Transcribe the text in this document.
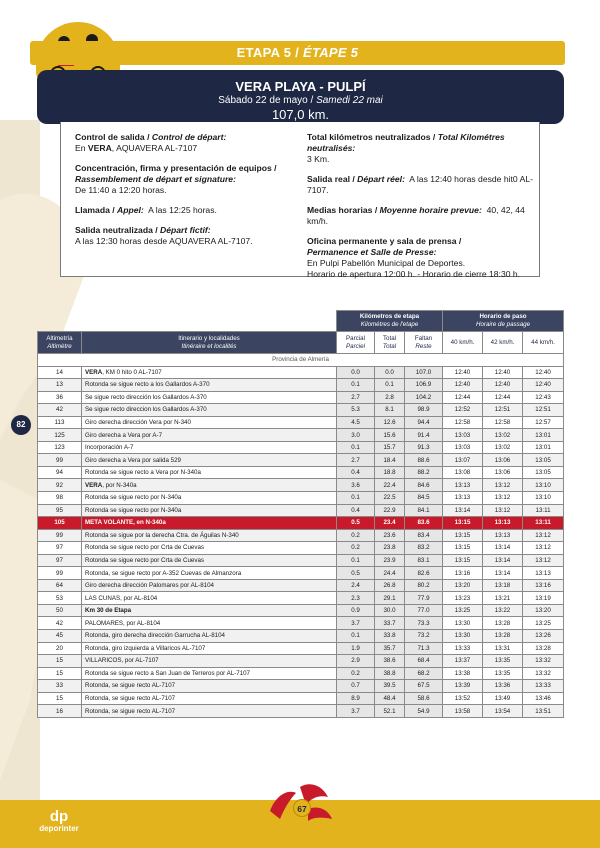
ETAPA 5 / ÉTAPE 5
VERA PLAYA - PULPÍ
Sábado 22 de mayo / Samedi 22 mai
107,0 km.
Control de salida / Control de départ:
En VERA, AQUAVERA AL-7107
Concentración, firma y presentación de equipos /
Rassemblement de départ et signature:
De 11:40 a 12:20 horas.
Llamada / Appel: A las 12:25 horas.
Salida neutralizada / Départ fictif:
A las 12:30 horas desde AQUAVERA AL-7107.
Total kilómetros neutralizados / Total Kilométres neutralisés:
3 Km.
Salida real / Départ réel: A las 12:40 horas desde hit0 AL-7107.
Medias horarias / Moyenne horaire prevue: 40, 42, 44 km/h.
Oficina permanente y sala de prensa /
Permanence et Salle de Presse:
En Pulpi Pabellón Municipal de Deportes.
Horario de apertura 12:00 h. - Horario de cierre 18:30 h.
82
		Kilómetros de etapa
Kilométres de l'etape			Horario de paso
Horaire de passage		
Altimetría
Altimètre	Itinerario y localidades
Itinéraire et localités	Parcial
Parciel	Total
Total	Faltan
Reste	40 km/h.	42 km/h.	44 km/h.
Provincia de Almería							
14	VERA, KM 0 hito 0 AL-7107	0.0	0.0	107.0	12:40	12:40	12:40
13	Rotonda se sigue recto a los Gallardos A-370	0.1	0.1	106.9	12:40	12:40	12:40
36	Se sigue recto dirección los Gallardos A-370	2.7	2.8	104.2	12:44	12:44	12:43
42	Se sigue recto direccion los Gallardos A-370	5.3	8.1	98.9	12:52	12:51	12:51
113	Giro derecha dirección Vera por N-340	4.5	12.6	94.4	12:58	12:58	12:57
125	Giro derecha a Vera por A-7	3.0	15.6	91.4	13:03	13:02	13:01
123	Incorporación A-7	0.1	15.7	91.3	13:03	13:02	13:01
99	Giro derecha a Vera por salida 529	2.7	18.4	88.6	13:07	13:06	13:05
94	Rotonda se sigue recto a Vera por N-340a	0.4	18.8	88.2	13:08	13:06	13:05
92	VERA, por N-340a	3.6	22.4	84.6	13:13	13:12	13:10
98	Rotonda se sigue recto por N-340a	0.1	22.5	84.5	13:13	13:12	13:10
95	Rotonda se sigue recto por N-340a	0.4	22.9	84.1	13:14	13:12	13:11
105	META VOLANTE, en N-340a	0.5	23.4	83.6	13:15	13:13	13:11
99	Rotonda se sigue por la derecha Ctra. de Águilas N-340	0.2	23.6	83.4	13:15	13:13	13:12
97	Rotonda se sigue recto por Crta de Cuevas	0.2	23.8	83.2	13:15	13:14	13:12
97	Rotonda se sigue recto por Crta de Cuevas	0.1	23.9	83.1	13:15	13:14	13:12
99	Rotonda, se sigue recto por A-352 Cuevas de Almanzora	0.5	24.4	82.6	13:16	13:14	13:13
64	Giro derecha dirección Palomares por AL-8104	2.4	26.8	80.2	13:20	13:18	13:16
53	LAS CUNAS, por AL-8104	2.3	29.1	77.9	13:23	13:21	13:19
50	Km 30 de Etapa	0.9	30.0	77.0	13:25	13:22	13:20
42	PALOMARES, por AL-8104	3.7	33.7	73.3	13:30	13:28	13:25
45	Rotonda, giro derecha dirección Garrucha AL-8104	0.1	33.8	73.2	13:30	13:28	13:26
20	Rotonda, giro izquierda a Villaricos AL-7107	1.9	35.7	71.3	13:33	13:31	13:28
15	VILLARICOS, por AL-7107	2.9	38.6	68.4	13:37	13:35	13:32
15	Rotonda se sigue recto a San Juan de Terreros por AL-7107	0.2	38.8	68.2	13:38	13:35	13:32
33	Rotonda, se sigue recto AL-7107	0.7	39.5	67.5	13:39	13:36	13:33
15	Rotonda, se sigue recto AL-7107	8.9	48.4	58.6	13:52	13:49	13:46
16	Rotonda, se sigue recto AL-7107	3.7	52.1	54.9	13:58	13:54	13:51
dp
deporinter
67
